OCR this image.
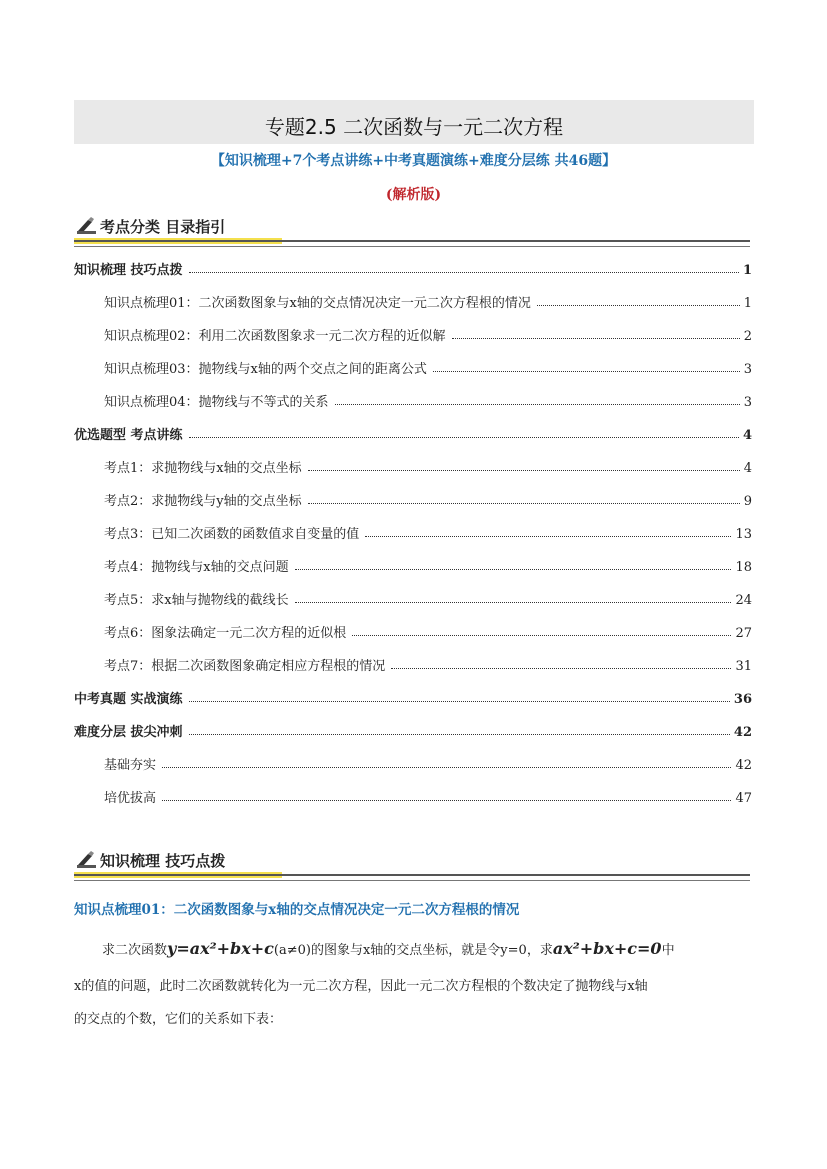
专题2.5 二次函数与一元二次方程
【知识梳理+7个考点讲练+中考真题演练+难度分层练 共46题】
(解析版)
考点分类 目录指引
知识梳理 技巧点拨	1
知识点梳理01：二次函数图象与x轴的交点情况决定一元二次方程根的情况	1
知识点梳理02：利用二次函数图象求一元二次方程的近似解	2
知识点梳理03：抛物线与x轴的两个交点之间的距离公式	3
知识点梳理04：抛物线与不等式的关系	3
优选题型 考点讲练	4
考点1：求抛物线与x轴的交点坐标	4
考点2：求抛物线与y轴的交点坐标	9
考点3：已知二次函数的函数值求自变量的值	13
考点4：抛物线与x轴的交点问题	18
考点5：求x轴与抛物线的截线长	24
考点6：图象法确定一元二次方程的近似根	27
考点7：根据二次函数图象确定相应方程根的情况	31
中考真题 实战演练	36
难度分层 拔尖冲刺	42
基础夯实	42
培优拔高	47
知识梳理 技巧点拨
知识点梳理01：二次函数图象与x轴的交点情况决定一元二次方程根的情况
求二次函数y=ax²+bx+c(a≠0)的图象与x轴的交点坐标，就是令y=0，求ax²+bx+c=0中
x的值的问题，此时二次函数就转化为一元二次方程，因此一元二次方程根的个数决定了抛物线与x轴
的交点的个数，它们的关系如下表：
